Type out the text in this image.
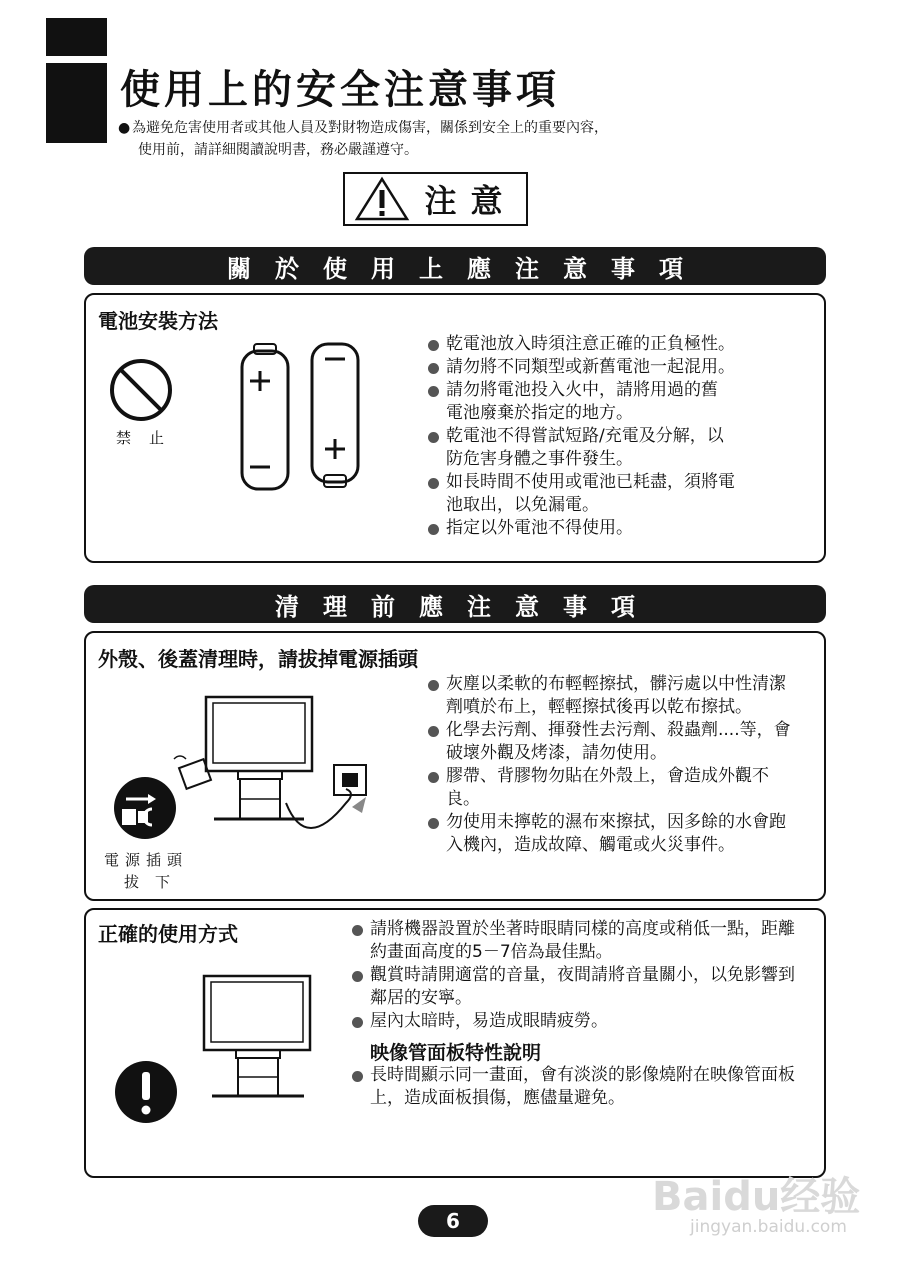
使用上的安全注意事項
● 為避免危害使用者或其他人員及對財物造成傷害，關係到安全上的重要內容，
使用前，請詳細閱讀說明書，務必嚴謹遵守。
注意
關　於　使　用　上　應　注　意　事　項
電池安裝方法
禁止
乾電池放入時須注意正確的正負極性。
請勿將不同類型或新舊電池一起混用。
請勿將電池投入火中，請將用過的舊電池廢棄於指定的地方。
乾電池不得嘗試短路/充電及分解，以防危害身體之事件發生。
如長時間不使用或電池已耗盡，須將電池取出，以免漏電。
指定以外電池不得使用。
清　理　前　應　注　意　事　項
外殼、後蓋清理時，請拔掉電源插頭
電源插頭
拔下
灰塵以柔軟的布輕輕擦拭，髒污處以中性清潔劑噴於布上，輕輕擦拭後再以乾布擦拭。
化學去污劑、揮發性去污劑、殺蟲劑....等，會破壞外觀及烤漆，請勿使用。
膠帶、背膠物勿貼在外殼上，會造成外觀不良。
勿使用未擰乾的濕布來擦拭，因多餘的水會跑入機內，造成故障、觸電或火災事件。
正確的使用方式	請將機器設置於坐著時眼睛同樣的高度或稍低一點，距離約畫面高度的5－7倍為最佳點。
觀賞時請開適當的音量，夜間請將音量關小，以免影響到鄰居的安寧。
屋內太暗時，易造成眼睛疲勞。
映像管面板特性說明
長時間顯示同一畫面，會有淡淡的影像燒附在映像管面板上，造成面板損傷，應儘量避免。
Baidu经验
jingyan.baidu.com
6
